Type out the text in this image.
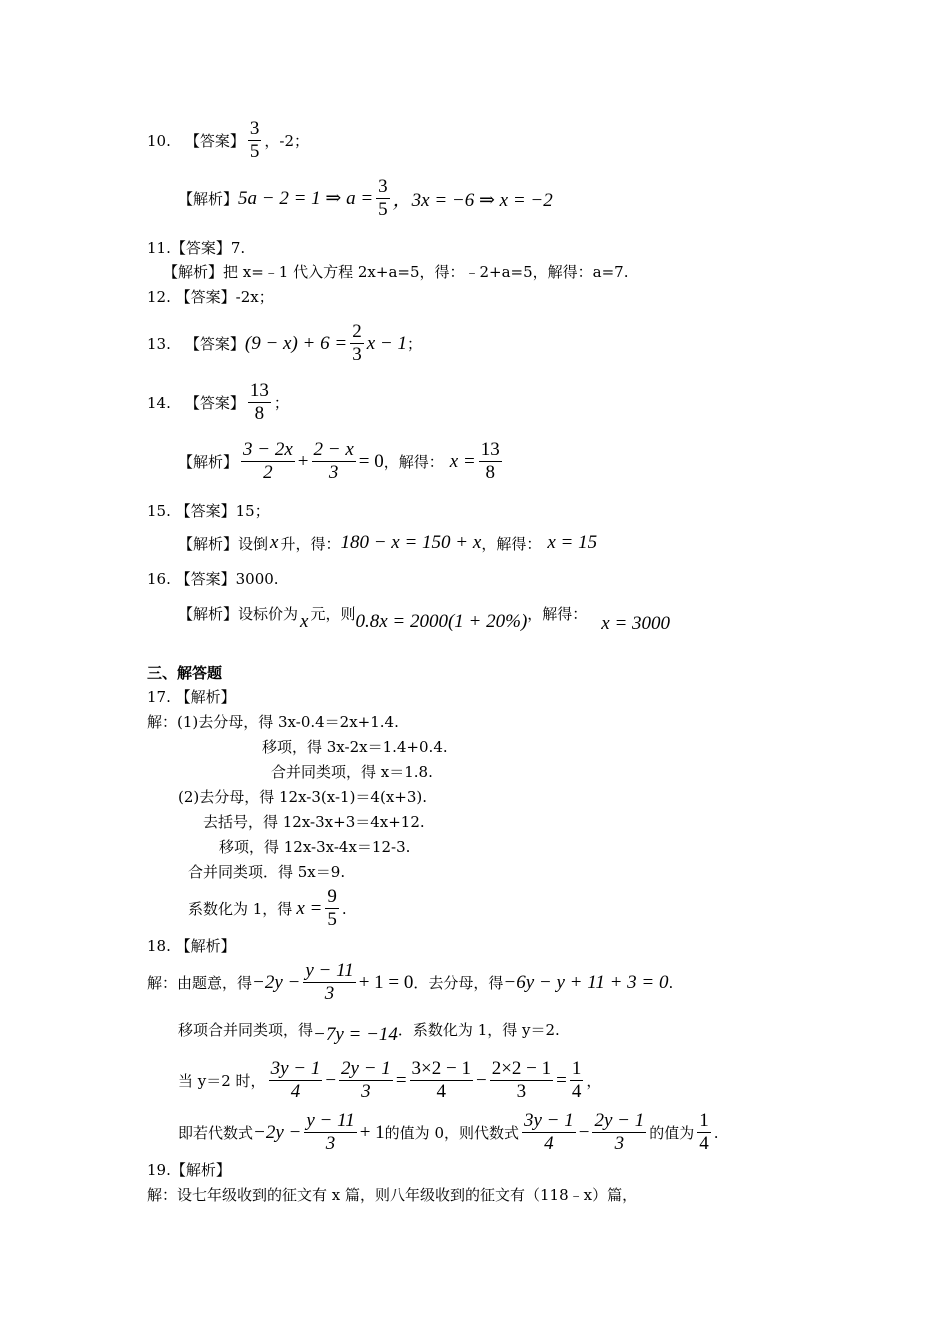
10. 【答案】 $\frac{3}{5}$ ，-2；
【解析】 5a − 2 = 1 ⇒ $a = \frac{3}{5}$ ，3x = −6 ⇒ x = −2
11.【答案】7.
【解析】把 x=﹣1 代入方程 2x+a=5，得：﹣2+a=5，解得：a=7.
12. 【答案】-2x；
13. 【答案】 $(9 - x) + 6 = \frac{2}{3}$ x − 1 ；
14. 【答案】 $\frac{13}{8}$ ；
【解析】 $\frac{3 - 2x}{2} + \frac{2 - x}{3} = 0$ ，解得： $x = \frac{13}{8}$
15. 【答案】15；
【解析】设倒 x 升，得： 180 − x = 150 + x ，解得： x = 15
16. 【答案】3000.
【解析】设标价为 x 元，则 0.8x = 2000(1 + 20%) ，解得： x = 3000
三、解答题
17. 【解析】
解：(1)去分母，得 3x-0.4＝2x+1.4.
移项，得 3x-2x＝1.4+0.4.
合并同类项，得 x＝1.8.
(2)去分母，得 12x-3(x-1)＝4(x+3).
去括号，得 12x-3x+3＝4x+12.
移项，得 12x-3x-4x＝12-3.
合并同类项．得 5x＝9.
系数化为 1，得 $x = \frac{9}{5}$ .
18. 【解析】
解：由题意，得 $-2y - \frac{y - 11}{3} + 1 = 0$ ．去分母，得 −6y − y + 11 + 3 = 0 .
移项合并同类项，得 −7y = −14 ．系数化为 1，得 y＝2.
当 y＝2 时， $\frac{3y - 1}{4} - \frac{2y - 1}{3} = \frac{3\times 2 - 1}{4} - \frac{2\times 2 - 1}{3} = \frac{1}{4}$ ，
即若代数式 $-2y - \frac{y - 11}{3} + 1$ 的值为 0，则代数式 $\frac{3y - 1}{4} - \frac{2y - 1}{3}$ 的值为 $\frac{1}{4}$ .
19.【解析】
解：设七年级收到的征文有 x 篇，则八年级收到的征文有（118﹣x）篇，
